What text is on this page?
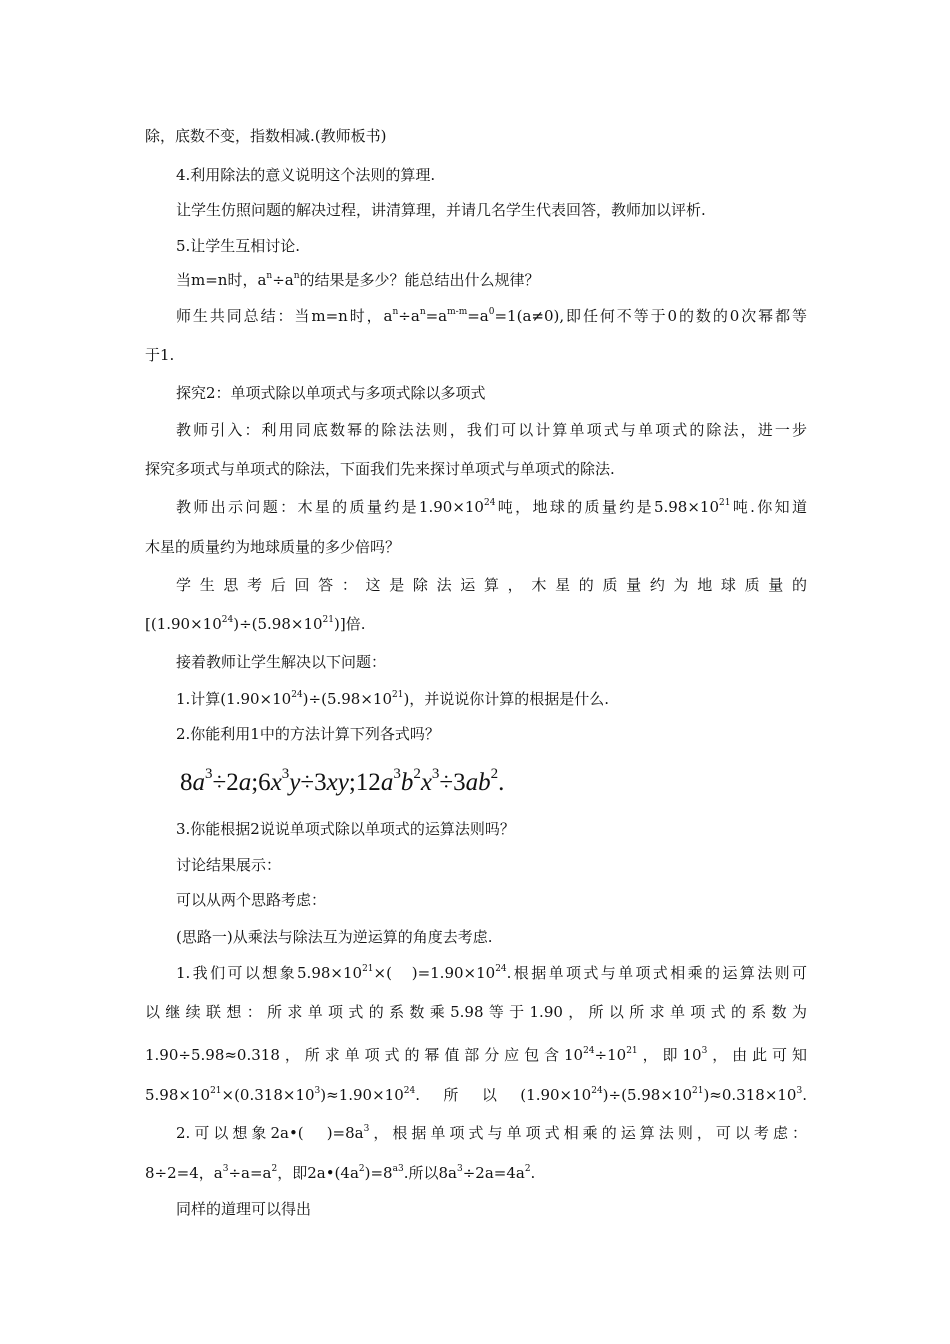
除，底数不变，指数相减.(教师板书)
4.利用除法的意义说明这个法则的算理.
让学生仿照问题的解决过程，讲清算理，并请几名学生代表回答，教师加以评析.
5.让学生互相讨论.
当m=n时，$a^n\div a^n$的结果是多少？能总结出什么规律？
师生共同总结：当m=n时，$a^n\div a^n=a^{m-m}=a^0=1(a\ne 0)$,即任何不等于0的数的0次幂都等
于1.
探究2：单项式除以单项式与多项式除以多项式
教师引入：利用同底数幂的除法法则，我们可以计算单项式与单项式的除法，进一步
探究多项式与单项式的除法，下面我们先来探讨单项式与单项式的除法.
教师出示问题：木星的质量约是$1.90\times 10^{24}$吨，地球的质量约是$5.98\times 10^{21}$吨.你知道
木星的质量约为地球质量的多少倍吗？
学生思考后回答：这是除法运算，木星的质量约为地球质量的
$[(1.90\times 10^{24})\div(5.98\times 10^{21})]$倍.
接着教师让学生解决以下问题：
1.计算$(1.90\times 10^{24})\div(5.98\times 10^{21})$，并说说你计算的根据是什么.
2.你能利用1中的方法计算下列各式吗？
$8a^3\div 2a;6x^3y\div 3xy;12a^3b^2x^3\div 3ab^2$.
3.你能根据2说说单项式除以单项式的运算法则吗？
讨论结果展示：
可以从两个思路考虑：
(思路一)从乘法与除法互为逆运算的角度去考虑.
1.我们可以想象$5.98\times 10^{21}\times$(　)$=1.90\times 10^{24}$.根据单项式与单项式相乘的运算法则可
以继续联想：所求单项式的系数乘5.98等于1.90，所以所求单项式的系数为
1.90÷5.98≈0.318，所求单项式的幂值部分应包含$10^{24}\div 10^{21}$，即$10^3$，由此可知
$5.98\times 10^{21}\times(0.318\times 10^3)\approx 1.90\times 10^{24}$.所以$(1.90\times 10^{24})\div(5.98\times 10^{21})\approx 0.318\times 10^3$.
2.可以想象2a•(　)$=8a^3$，根据单项式与单项式相乘的运算法则，可以考虑：
8÷2=4，$a^3\div a=a^2$，即$2a•(4a^2)=8^{a3}$.所以$8a^3\div 2a=4a^2$.
同样的道理可以得出
